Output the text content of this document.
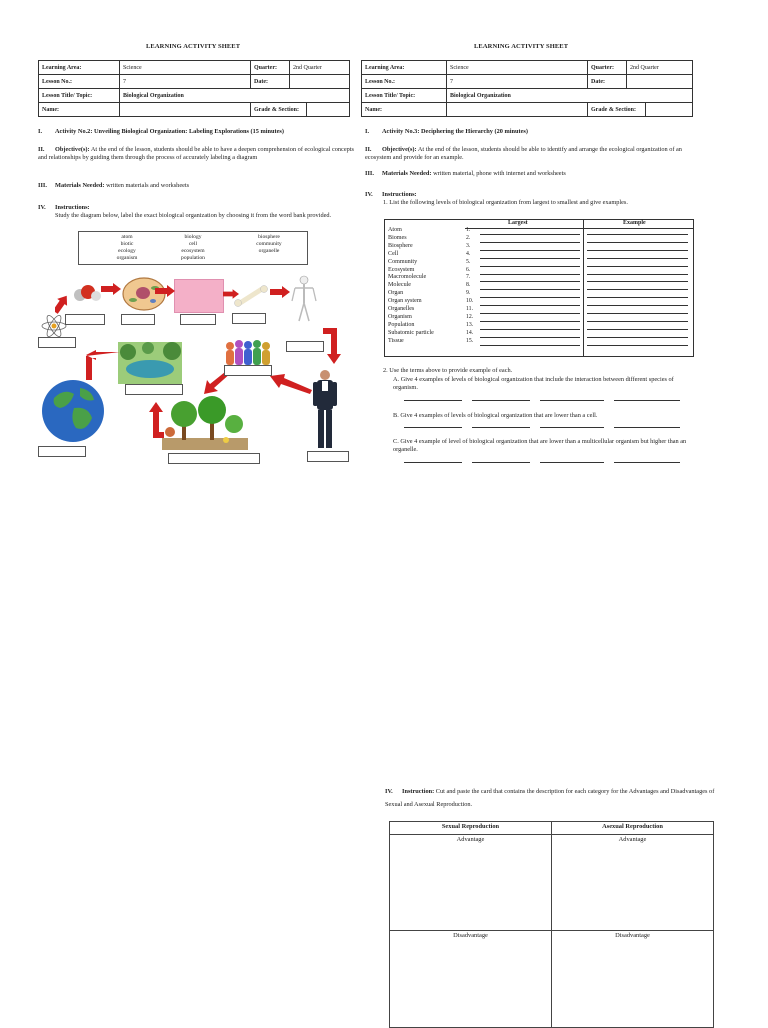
LEARNING ACTIVITY SHEET
Learning Area:	Science	Quarter:	2nd Quarter	
Lesson No.:	7	Date:		
Lesson Title/ Topic:	Biological Organization			
Name:		Grade & Section:		
I. Activity No.2: Unveiling Biological Organization: Labeling Explorations (15 minutes)
II. Objective(s): At the end of the lesson, students should be able to have a deepen comprehension of ecological concepts and relationships by guiding them through the process of accurately labeling a diagram
III. Materials Needed: written materials and worksheets
IV. Instructions:
Study the diagram below, label the exact biological organization by choosing it from the word bank provided.
atom	biology	biosphere
biotic	cell	community
ecology	ecosystem	organelle
organism	population
LEARNING ACTIVITY SHEET
Learning Area:	Science	Quarter:	2nd Quarter	
Lesson No.:	7	Date:		
Lesson Title/ Topic:	Biological Organization			
Name:		Grade & Section:		
I. Activity No.3: Deciphering the Hierarchy (20 minutes)
II. Objective(s): At the end of the lesson, students should be able to identify and arrange the ecological organization of an ecosystem and provide for an example.
III. Materials Needed: written material, phone with internet and worksheets
IV. Instructions:
1. List the following levels of biological organization from largest to smallest and give examples.
Largest	Example
Atom	1.
Biomes	2.
Biosphere	3.
Cell	4.
Community	5.
Ecosystem	6.
Macromolecule	7.
Molecule	8.
Organ	9.
Organ system	10.
Organelles	11.
Organism	12.
Population	13.
Subatomic particle	14.
Tissue	15.
2. Use the terms above to provide example of each.
A. Give 4 examples of levels of biological organization that include the interaction between different species of organism.
B. Give 4 examples of levels of biological organization that are lower than a cell.
C. Give 4 example of level of biological organization that are lower than a multicellular organism but higher than an organelle.
IV. Instruction: Cut and paste the card that contains the description for each category for the Advantages and Disadvantages of Sexual and Asexual Reproduction.
Sexual Reproduction	Asexual Reproduction
Advantage	Advantage
Disadvantage	Disadvantage
